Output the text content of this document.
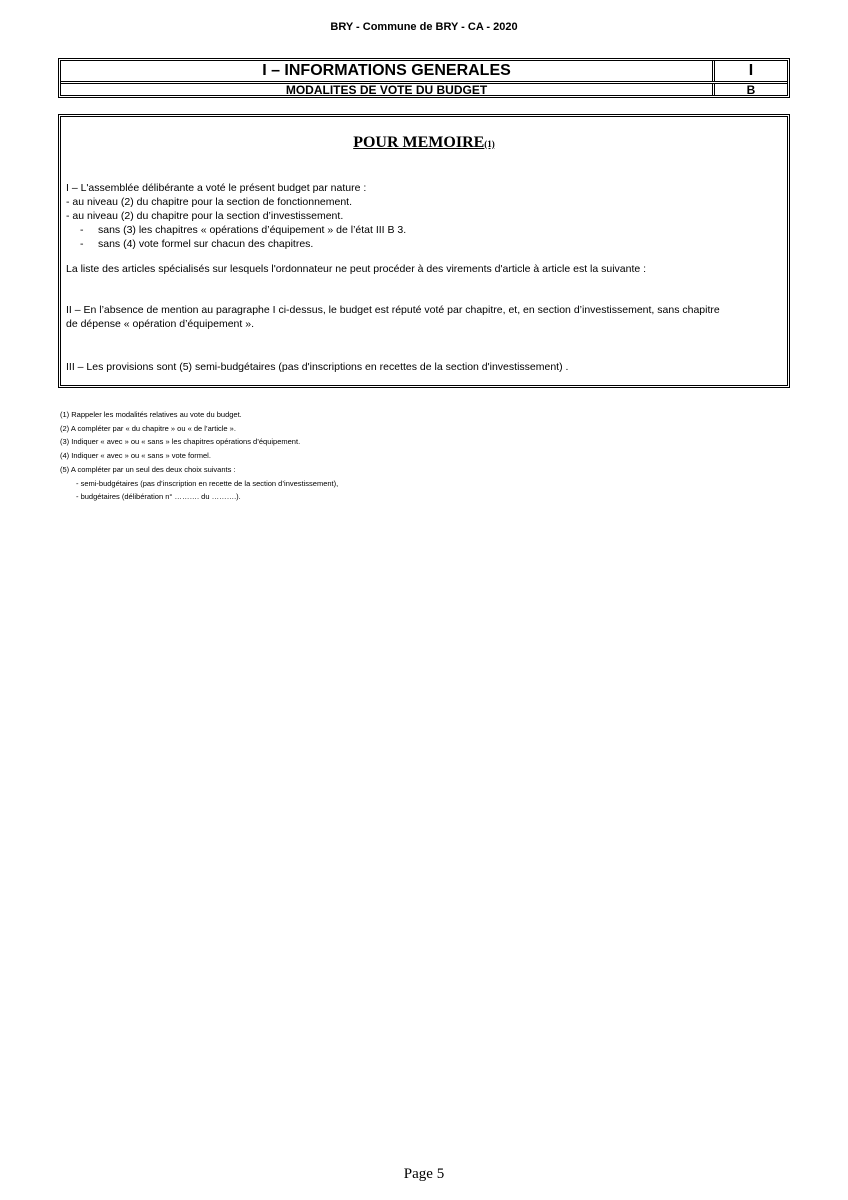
BRY - Commune de BRY - CA - 2020
I – INFORMATIONS GENERALES	I
MODALITES DE VOTE DU BUDGET	B
POUR MEMOIRE(1)
I – L'assemblée délibérante a voté le présent budget par nature :
- au niveau (2) du chapitre pour la section de fonctionnement.
- au niveau (2) du chapitre pour la section d’investissement.
- sans (3) les chapitres « opérations d’équipement » de l’état III B 3.
- sans (4) vote formel sur chacun des chapitres.
La liste des articles spécialisés sur lesquels l'ordonnateur ne peut procéder à des virements d'article à article est la suivante :
II – En l’absence de mention au paragraphe I ci-dessus, le budget est réputé voté par chapitre, et, en section d’investissement, sans chapitre
de dépense « opération d’équipement ».
III – Les provisions sont (5) semi-budgétaires (pas d'inscriptions en recettes de la section d'investissement) .
(1) Rappeler les modalités relatives au vote du budget.
(2) A compléter par « du chapitre » ou « de l’article ».
(3) Indiquer « avec » ou « sans » les chapitres opérations d’équipement.
(4) Indiquer « avec » ou « sans » vote formel.
(5) A compléter par un seul des deux choix suivants :
- semi-budgétaires (pas d’inscription en recette de la section d’investissement),
- budgétaires (délibération n° ………. du ……….).
Page 5
